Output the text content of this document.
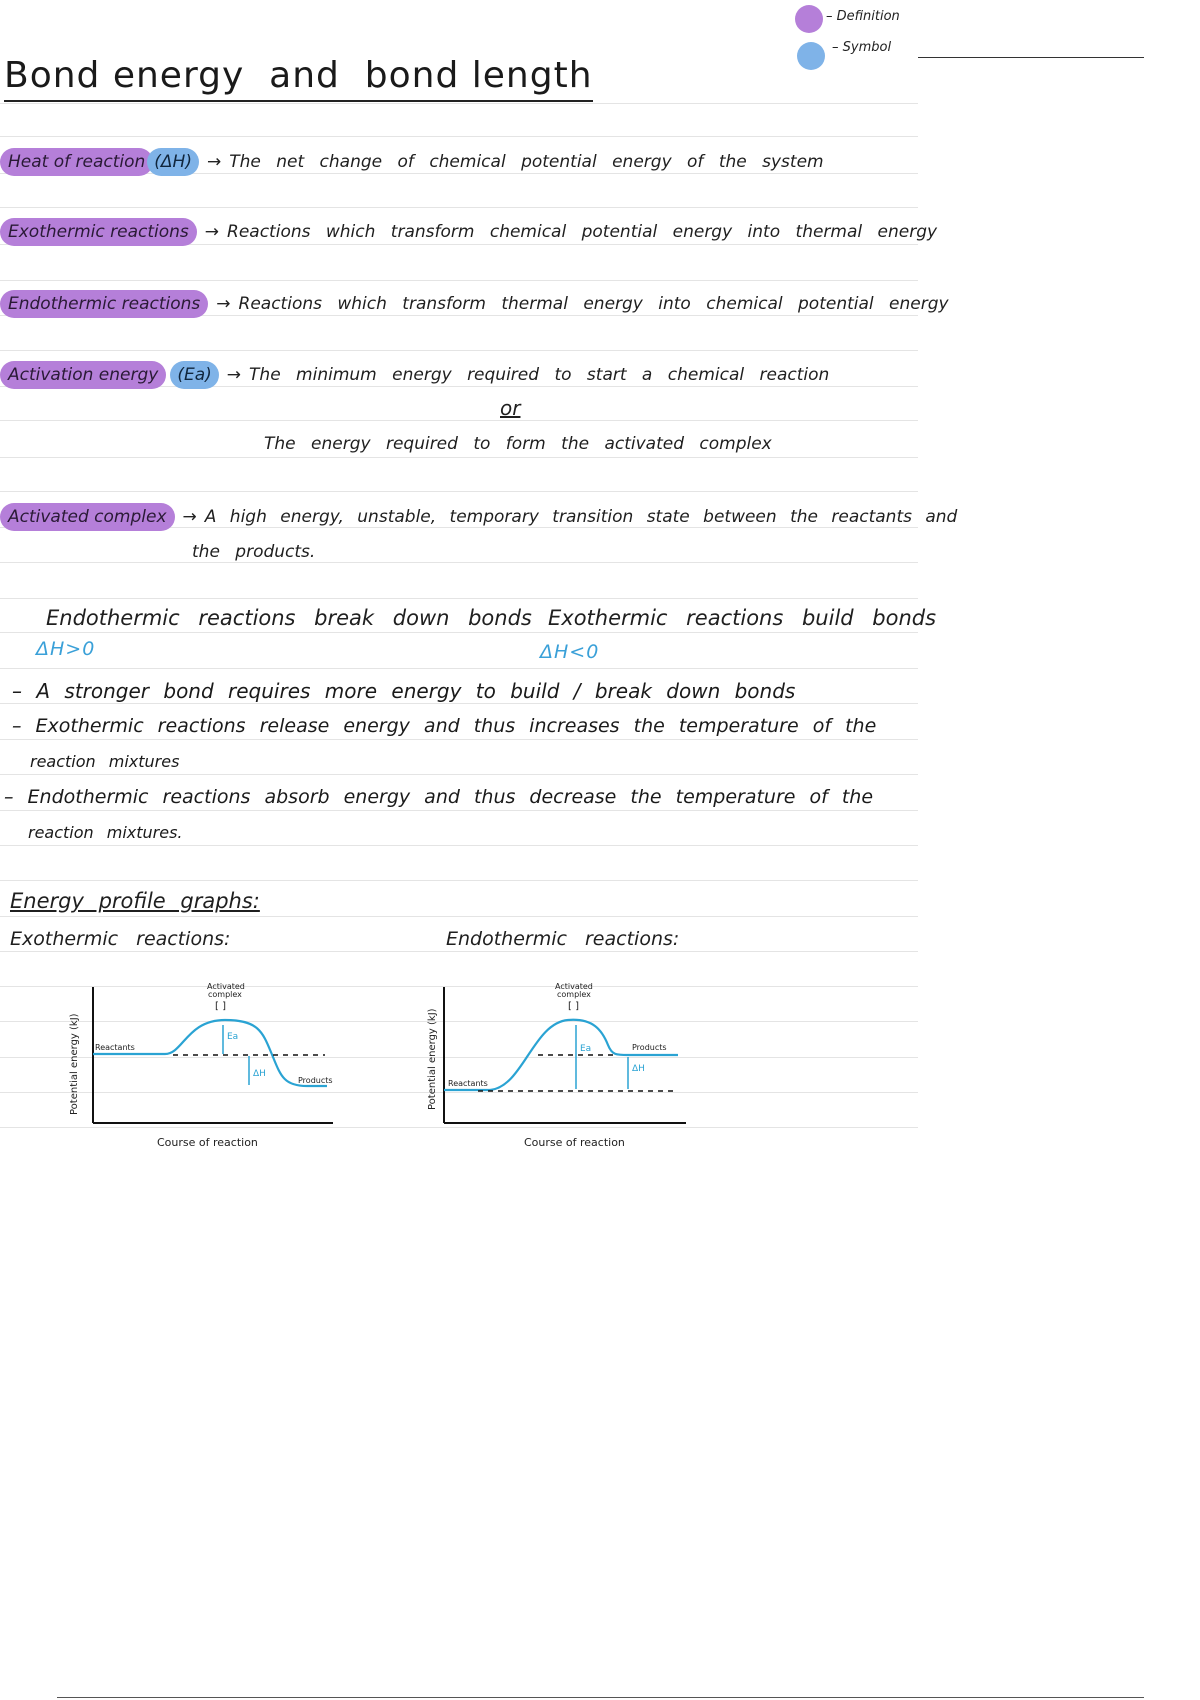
– Definition
– Symbol
Bond energy  and  bond length
Heat of reaction (ΔH) → The net change of chemical potential energy of the system
Exothermic reactions → Reactions which transform chemical potential energy into thermal energy
Endothermic reactions → Reactions which transform thermal energy into chemical potential energy
Activation energy	(Ea) → The minimum energy required to start a chemical reaction
or
The energy required to form the activated complex
Activated complex → A high energy, unstable, temporary transition state between the reactants and
the products.
Endothermic reactions break down bonds
ΔH>0
Exothermic reactions build bonds
ΔH<0
– A stronger bond requires more energy to build / break down bonds
– Exothermic reactions release energy and thus increases the temperature of the
reaction mixtures
– Endothermic reactions absorb energy and thus decrease the temperature of the
reaction mixtures.
Energy profile graphs:
Exothermic reactions:	Endothermic reactions:
Potential energy (kJ)
Course of reaction
Ea
ΔH
Activated
complex
[ ]
Reactants
Products	Potential energy (kJ)
Course of reaction
Ea
ΔH
Activated
complex
[ ]
Reactants
Products
